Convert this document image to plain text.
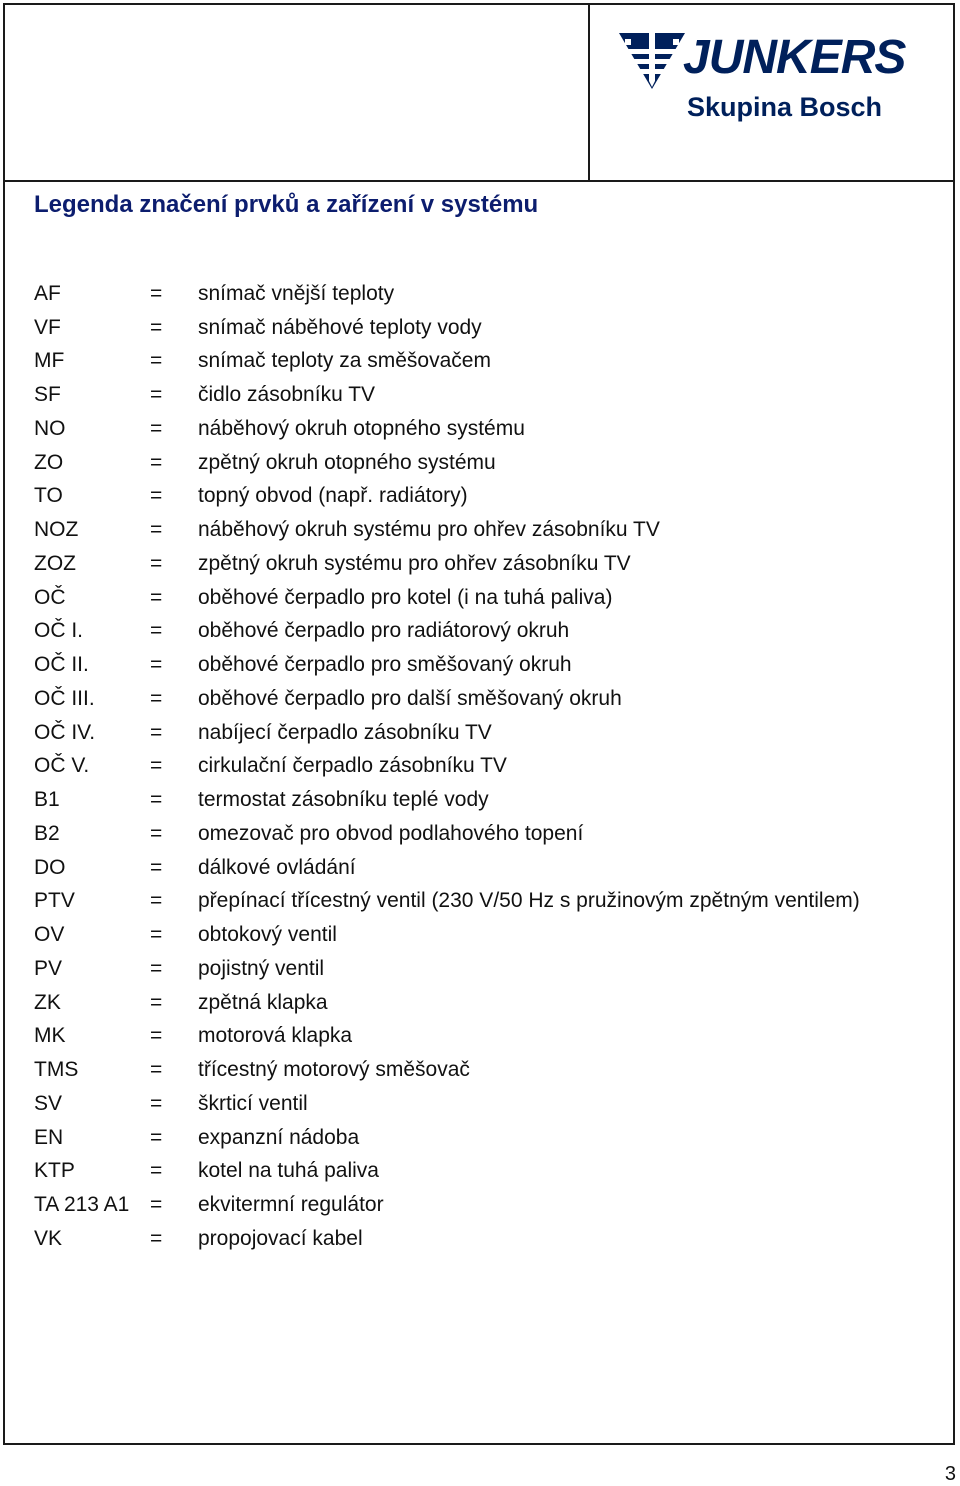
JUNKERS
Skupina Bosch
Legenda značení prvků a zařízení v systému
AF	=	snímač vnější teploty
VF	=	snímač náběhové teploty vody
MF	=	snímač teploty za směšovačem
SF	=	čidlo zásobníku TV
NO	=	náběhový okruh otopného systému
ZO	=	zpětný okruh otopného systému
TO	=	topný obvod (např. radiátory)
NOZ	=	náběhový okruh systému pro ohřev zásobníku TV
ZOZ	=	zpětný okruh systému pro ohřev zásobníku TV
OČ	=	oběhové čerpadlo pro kotel (i na tuhá paliva)
OČ I.	=	oběhové čerpadlo pro radiátorový okruh
OČ II.	=	oběhové čerpadlo pro směšovaný okruh
OČ III.	=	oběhové čerpadlo pro další směšovaný okruh
OČ IV.	=	nabíjecí čerpadlo zásobníku TV
OČ V.	=	cirkulační čerpadlo zásobníku TV
B1	=	termostat zásobníku teplé vody
B2	=	omezovač pro obvod podlahového topení
DO	=	dálkové ovládání
PTV	=	přepínací třícestný ventil (230 V/50 Hz s pružinovým zpětným ventilem)
OV	=	obtokový ventil
PV	=	pojistný ventil
ZK	=	zpětná klapka
MK	=	motorová klapka
TMS	=	třícestný motorový směšovač
SV	=	škrticí ventil
EN	=	expanzní nádoba
KTP	=	kotel na tuhá paliva
TA 213 A1 =	ekvitermní regulátor
VK	=	propojovací kabel
3
